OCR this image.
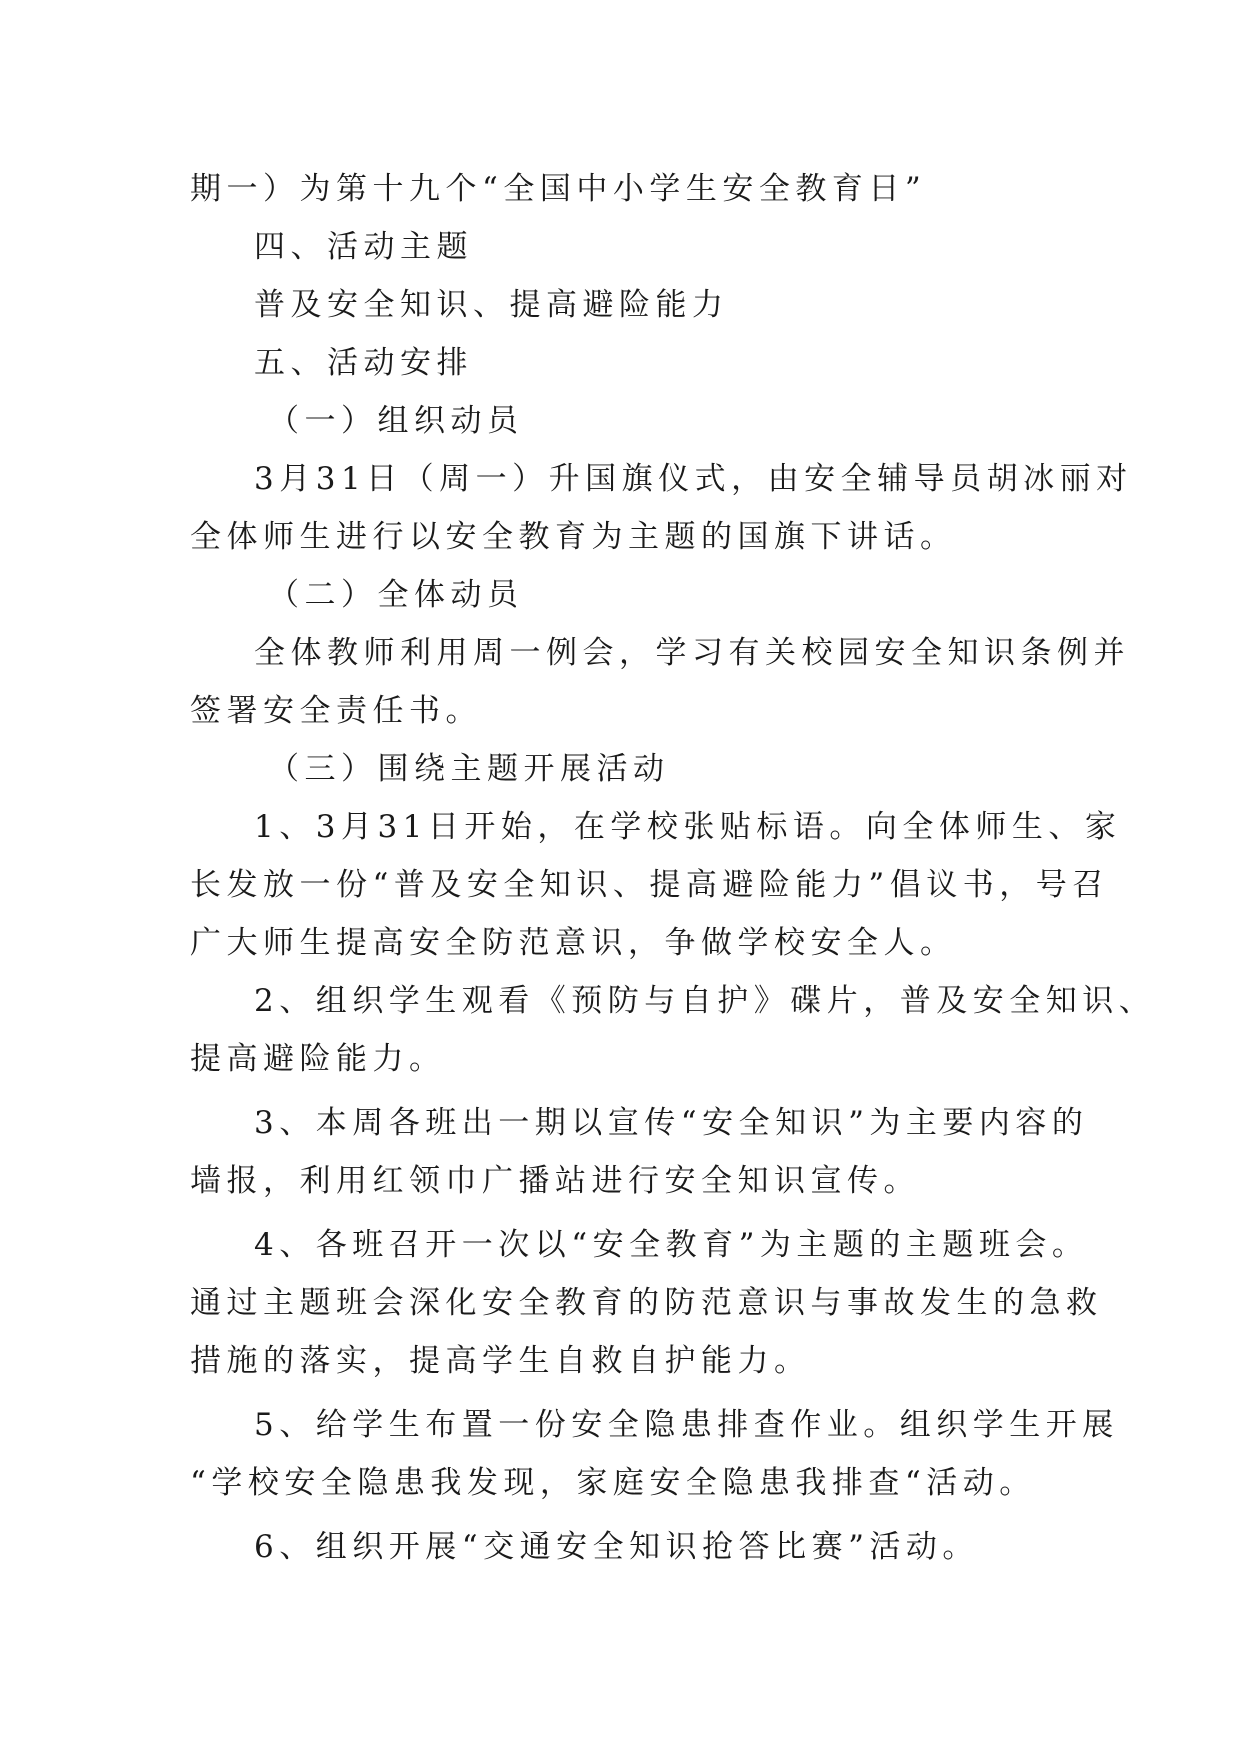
期一）为第十九个“全国中小学生安全教育日”

四、活动主题

普及安全知识、提高避险能力

五、活动安排

（一）组织动员

3月31日（周一）升国旗仪式，由安全辅导员胡冰丽对

全体师生进行以安全教育为主题的国旗下讲话。

（二）全体动员

全体教师利用周一例会，学习有关校园安全知识条例并

签署安全责任书。

（三）围绕主题开展活动

1、3月31日开始，在学校张贴标语。向全体师生、家

长发放一份“普及安全知识、提高避险能力”倡议书，号召

广大师生提高安全防范意识，争做学校安全人。

2、组织学生观看《预防与自护》碟片，普及安全知识、

提高避险能力。

3、本周各班出一期以宣传“安全知识”为主要内容的

墙报，利用红领巾广播站进行安全知识宣传。

4、各班召开一次以“安全教育”为主题的主题班会。

通过主题班会深化安全教育的防范意识与事故发生的急救

措施的落实，提高学生自救自护能力。

5、给学生布置一份安全隐患排查作业。组织学生开展

“学校安全隐患我发现，家庭安全隐患我排查“活动。

6、组织开展“交通安全知识抢答比赛”活动。
